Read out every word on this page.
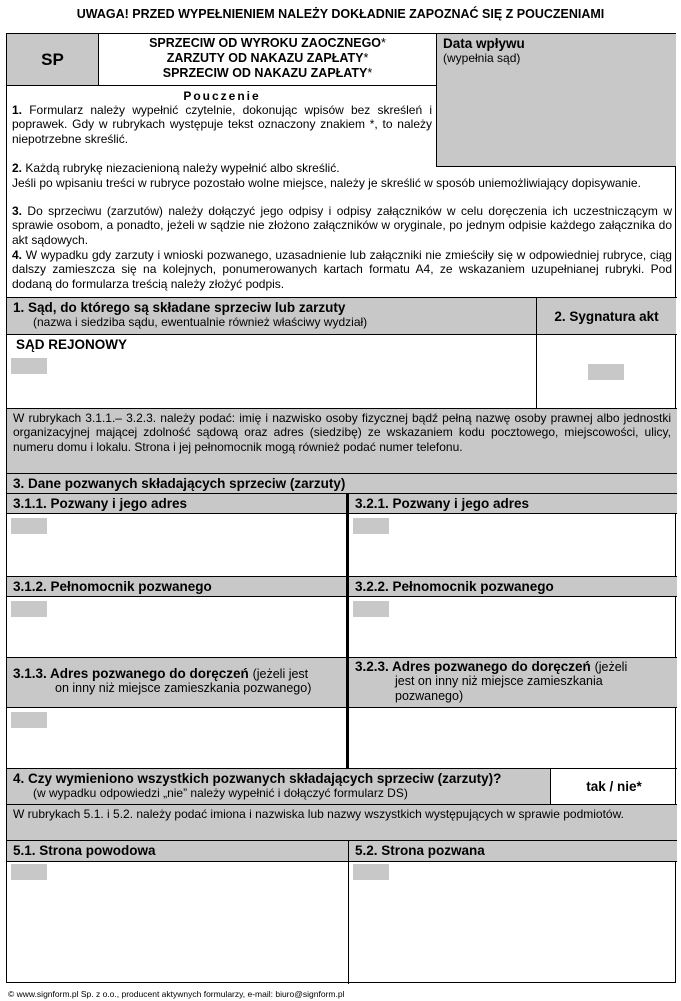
UWAGA! PRZED WYPEŁNIENIEM NALEŻY DOKŁADNIE ZAPOZNAĆ SIĘ Z POUCZENIAMI
SP
SPRZECIW OD WYROKU ZAOCZNEGO*
ZARZUTY OD NAKAZU ZAPŁATY*
SPRZECIW OD NAKAZU ZAPŁATY*
Data wpływu
(wypełnia sąd)
Pouczenie

1. Formularz należy wypełnić czytelnie, dokonując wpisów bez skreśleń i poprawek. Gdy w rubrykach występuje tekst oznaczony znakiem *, to należy niepotrzebne skreślić.

2. Każdą rubrykę niezacienioną należy wypełnić albo skreślić.

Jeśli po wpisaniu treści w rubryce pozostało wolne miejsce, należy je skreślić w sposób uniemożliwiający dopisywanie.

3. Do sprzeciwu (zarzutów) należy dołączyć jego odpisy i odpisy załączników w celu doręczenia ich uczestniczącym w sprawie osobom, a ponadto, jeżeli w sądzie nie złożono załączników w oryginale, po jednym odpisie każdego załącznika do akt sądowych.

4. W wypadku gdy zarzuty i wnioski pozwanego, uzasadnienie lub załączniki nie zmieściły się w odpowiedniej rubryce, ciąg dalszy zamieszcza się na kolejnych, ponumerowanych kartach formatu A4, ze wskazaniem uzupełnianej rubryki. Pod dodaną do formularza treścią należy złożyć podpis.

1. Sąd, do którego są składane sprzeciw lub zarzuty
(nazwa i siedziba sądu, ewentualnie również właściwy wydział)	2. Sygnatura akt
SĄD REJONOWY
W rubrykach 3.1.1.– 3.2.3. należy podać: imię i nazwisko osoby fizycznej bądź pełną nazwę osoby prawnej albo jednostki organizacyjnej mającej zdolność sądową oraz adres (siedzibę) ze wskazaniem kodu pocztowego, miejscowości, ulicy, numeru domu i lokalu. Strona i jej pełnomocnik mogą również podać numer telefonu.
3. Dane pozwanych składających sprzeciw (zarzuty)
3.1.1. Pozwany i jego adres	3.2.1. Pozwany i jego adres
3.1.2. Pełnomocnik pozwanego	3.2.2. Pełnomocnik pozwanego
3.1.3. Adres pozwanego do doręczeń (jeżeli jest
on inny niż miejsce zamieszkania pozwanego)
3.2.3. Adres pozwanego do doręczeń (jeżeli
jest on inny niż miejsce zamieszkania
pozwanego)
4. Czy wymieniono wszystkich pozwanych składających sprzeciw (zarzuty)?
(w wypadku odpowiedzi „nie” należy wypełnić i dołączyć formularz DS)	tak / nie*
W rubrykach 5.1. i 5.2. należy podać imiona i nazwiska lub nazwy wszystkich występujących w sprawie podmiotów.
5.1. Strona powodowa	5.2. Strona pozwana
© www.signform.pl Sp. z o.o., producent aktywnych formularzy, e-mail: biuro@signform.pl
